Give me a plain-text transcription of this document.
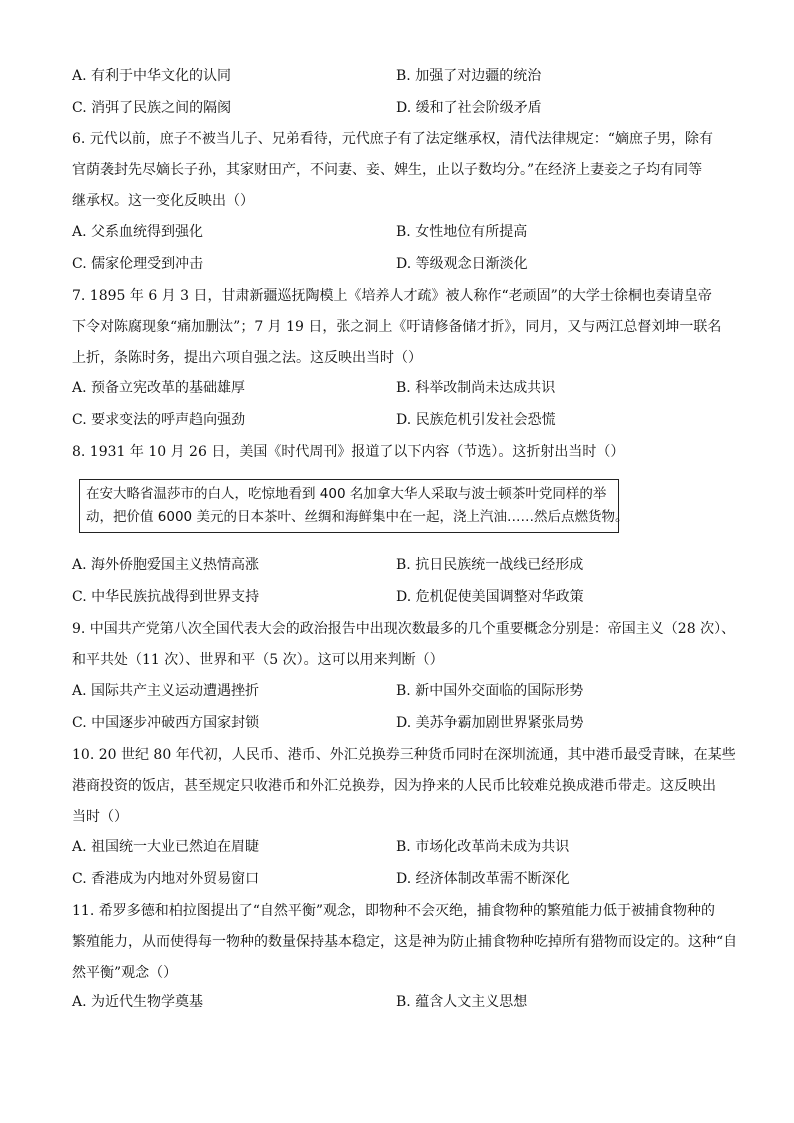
A. 有利于中华文化的认同	B. 加强了对边疆的统治
C. 消弭了民族之间的隔阂	D. 缓和了社会阶级矛盾
6. 元代以前，庶子不被当儿子、兄弟看待，元代庶子有了法定继承权，清代法律规定：“嫡庶子男，除有
官荫袭封先尽嫡长子孙，其家财田产，不问妻、妾、婢生，止以子数均分。”在经济上妻妾之子均有同等
继承权。这一变化反映出（）
A. 父系血统得到强化	B. 女性地位有所提高
C. 儒家伦理受到冲击	D. 等级观念日渐淡化
7. 1895 年 6 月 3 日，甘肃新疆巡抚陶模上《培养人才疏》被人称作“老顽固”的大学士徐桐也奏请皇帝
下令对陈腐现象“痛加删汰”；7 月 19 日，张之洞上《吁请修备储才折》，同月，又与两江总督刘坤一联名
上折，条陈时务，提出六项自强之法。这反映出当时（）
A. 预备立宪改革的基础雄厚	B. 科举改制尚未达成共识
C. 要求变法的呼声趋向强劲	D. 民族危机引发社会恐慌
8. 1931 年 10 月 26 日，美国《时代周刊》报道了以下内容（节选）。这折射出当时（）
在安大略省温莎市的白人，吃惊地看到 400 名加拿大华人采取与波士顿茶叶党同样的举
动，把价值 6000 美元的日本茶叶、丝绸和海鲜集中在一起，浇上汽油……然后点燃货物。
A. 海外侨胞爱国主义热情高涨	B. 抗日民族统一战线已经形成
C. 中华民族抗战得到世界支持	D. 危机促使美国调整对华政策
9. 中国共产党第八次全国代表大会的政治报告中出现次数最多的几个重要概念分别是：帝国主义（28 次）、
和平共处（11 次）、世界和平（5 次）。这可以用来判断（）
A. 国际共产主义运动遭遇挫折	B. 新中国外交面临的国际形势
C. 中国逐步冲破西方国家封锁	D. 美苏争霸加剧世界紧张局势
10. 20 世纪 80 年代初，人民币、港币、外汇兑换券三种货币同时在深圳流通，其中港币最受青睐，在某些
港商投资的饭店，甚至规定只收港币和外汇兑换券，因为挣来的人民币比较难兑换成港币带走。这反映出
当时（）
A. 祖国统一大业已然迫在眉睫	B. 市场化改革尚未成为共识
C. 香港成为内地对外贸易窗口	D. 经济体制改革需不断深化
11. 希罗多德和柏拉图提出了“自然平衡”观念，即物种不会灭绝，捕食物种的繁殖能力低于被捕食物种的
繁殖能力，从而使得每一物种的数量保持基本稳定，这是神为防止捕食物种吃掉所有猎物而设定的。这种“自
然平衡”观念（）
A. 为近代生物学奠基	B. 蕴含人文主义思想
